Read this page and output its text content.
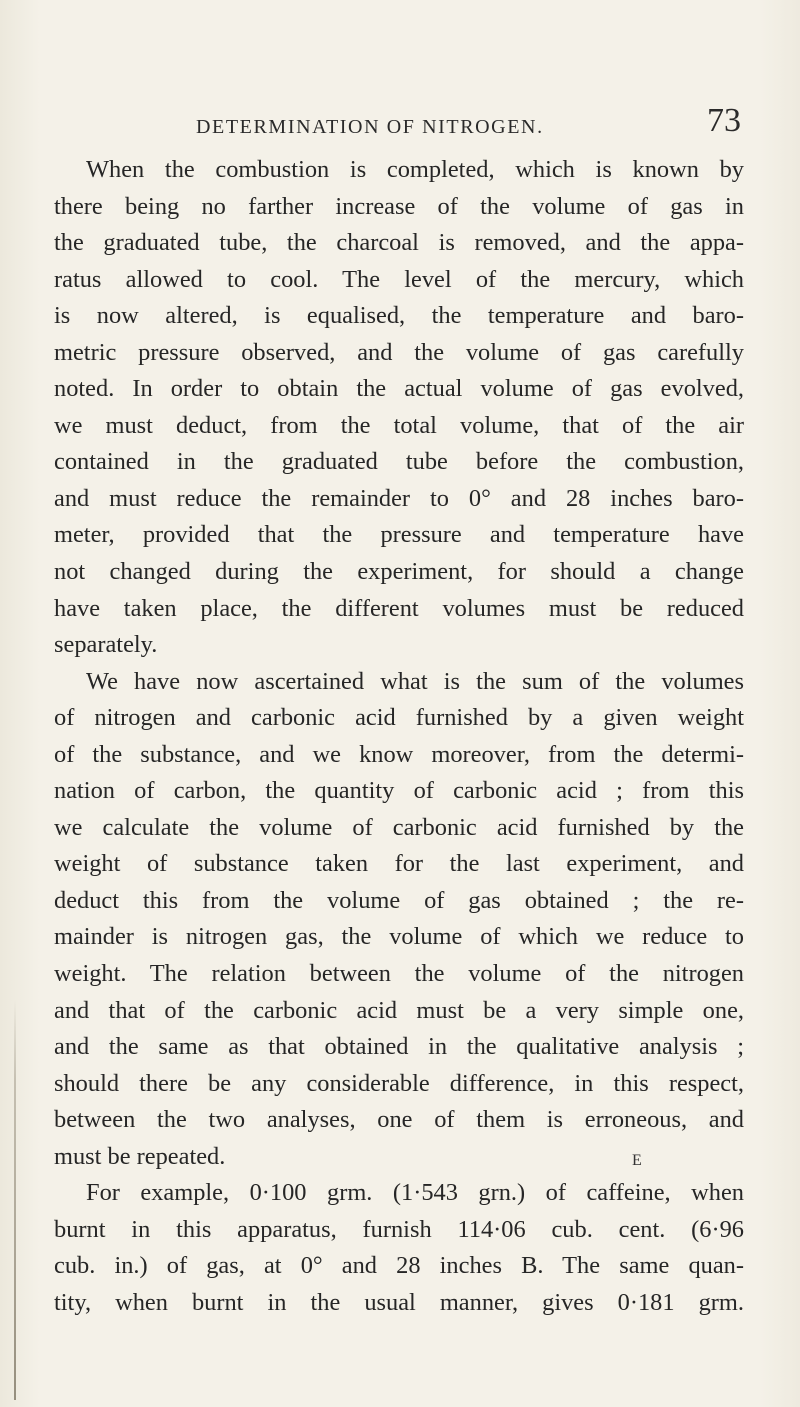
DETERMINATION OF NITROGEN.	73
When the combustion is completed, which is known by
there being no farther increase of the volume of gas in
the graduated tube, the charcoal is removed, and the appa-
ratus allowed to cool. The level of the mercury, which
is now altered, is equalised, the temperature and baro-
metric pressure observed, and the volume of gas carefully
noted. In order to obtain the actual volume of gas evolved,
we must deduct, from the total volume, that of the air
contained in the graduated tube before the combustion,
and must reduce the remainder to 0° and 28 inches baro-
meter, provided that the pressure and temperature have
not changed during the experiment, for should a change
have taken place, the different volumes must be reduced
separately.
We have now ascertained what is the sum of the volumes
of nitrogen and carbonic acid furnished by a given weight
of the substance, and we know moreover, from the determi-
nation of carbon, the quantity of carbonic acid ; from this
we calculate the volume of carbonic acid furnished by the
weight of substance taken for the last experiment, and
deduct this from the volume of gas obtained ; the re-
mainder is nitrogen gas, the volume of which we reduce to
weight. The relation between the volume of the nitrogen
and that of the carbonic acid must be a very simple one,
and the same as that obtained in the qualitative analysis ;
should there be any considerable difference, in this respect,
between the two analyses, one of them is erroneous, and
must be repeated.
For example, 0·100 grm. (1·543 grn.) of caffeine, when
burnt in this apparatus, furnish 114·06 cub. cent. (6·96
cub. in.) of gas, at 0° and 28 inches B. The same quan-
tity, when burnt in the usual manner, gives 0·181 grm.
E
